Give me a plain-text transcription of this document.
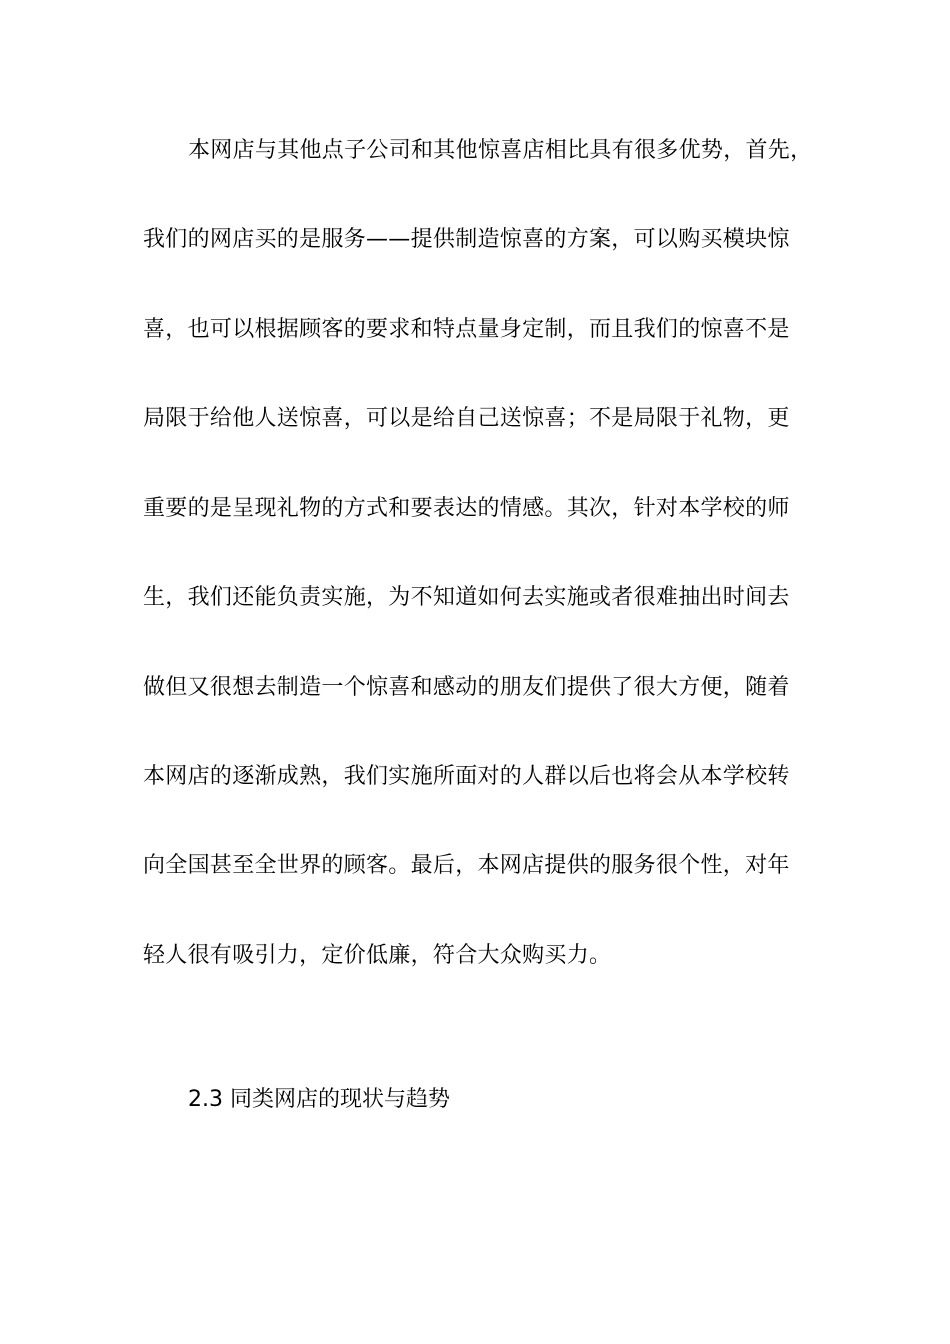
本网店与其他点子公司和其他惊喜店相比具有很多优势，首先，
我们的网店买的是服务——提供制造惊喜的方案，可以购买模块惊
喜，也可以根据顾客的要求和特点量身定制，而且我们的惊喜不是
局限于给他人送惊喜，可以是给自己送惊喜；不是局限于礼物，更
重要的是呈现礼物的方式和要表达的情感。其次，针对本学校的师
生，我们还能负责实施，为不知道如何去实施或者很难抽出时间去
做但又很想去制造一个惊喜和感动的朋友们提供了很大方便，随着
本网店的逐渐成熟，我们实施所面对的人群以后也将会从本学校转
向全国甚至全世界的顾客。最后，本网店提供的服务很个性，对年
轻人很有吸引力，定价低廉，符合大众购买力。
2.3 同类网店的现状与趋势
